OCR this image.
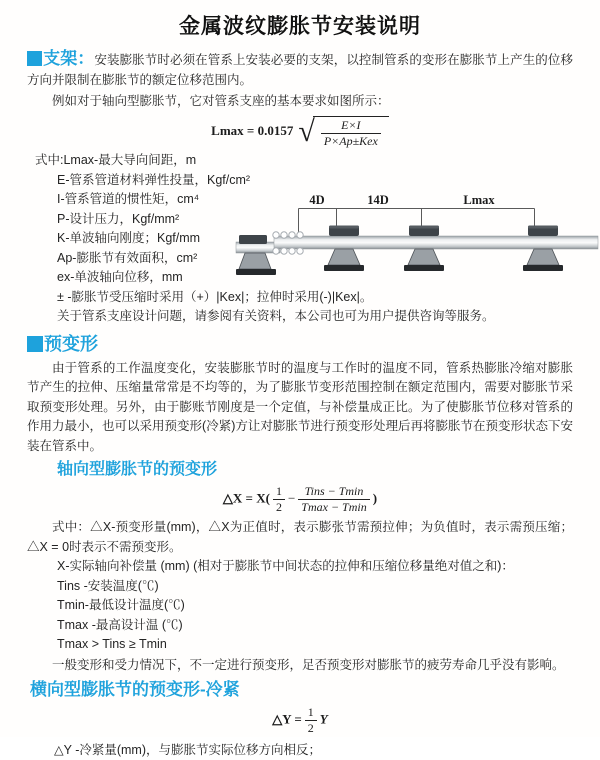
金属波纹膨胀节安装说明

支架：安装膨胀节时必须在管系上安装必要的支架，以控制管系的变形在膨胀节上产生的位移方向并限制在膨胀节的额定位移范围内。

例如对于轴向型膨胀节，它对管系支座的基本要求如图所示：

Lmax = 0.0157 √ $\frac{E\times I}{\text{P×Ap±Kex}}$
式中:Lmax-最大导向间距，m
E-管系管道材料弹性投量，Kgf/cm²
I-管系管道的惯性矩，cm⁴
P-设计压力，Kgf/mm²
K-单波轴向刚度；Kgf/mm
Ap-膨胀节有效面积，cm²
ex-单波轴向位移，mm
± -膨胀节受压缩时采用（+）|Kex|；拉伸时采用(-)|Kex|。
关于管系支座设计问题，请参阅有关资料，本公司也可为用户提供咨询等服务。
4D	14D	Lmax
预变形

由于管系的工作温度变化，安装膨胀节时的温度与工作时的温度不同，管系热膨胀冷缩对膨胀节产生的拉伸、压缩量常常是不均等的，为了膨胀节变形范围控制在额定范围内，需要对膨胀节采取预变形处理。另外，由于膨账节刚度是一个定值，与补偿量成正比。为了使膨胀节位移对管系的作用力最小，也可以采用预变形(冷紧)方让对膨胀节进行预变形处理后再将膨胀节在预变形状态下安装在管系中。

轴向型膨胀节的预变形
△X = $X( \frac{1}{2} - \frac{\text{Tins − Tmin}}{Tmax - Tmin}$ )

式中：△X-预变形量(mm)，△X为正值时，表示膨张节需预拉伸；为负值时，表示需预压缩；△X = 0时表示不需预变形。

X-实际轴向补偿量 (mm) (相对于膨胀节中间状态的拉伸和压缩位移量绝对值之和)：
Tins -安装温度(℃)
Tmin-最低设计温度(℃)
Tmax -最高设计温 (℃)
Tmax > Tins ≥ Tmin

一般变形和受力情况下，不一定进行预变形，足否预变形对膨胀节的疲劳寿命几乎没有影响。

横向型膨胀节的预变形-冷紧
△Y = $\frac{1}{2}$ Y

△Y -冷紧量(mm)，与膨胀节实际位移方向相反；
